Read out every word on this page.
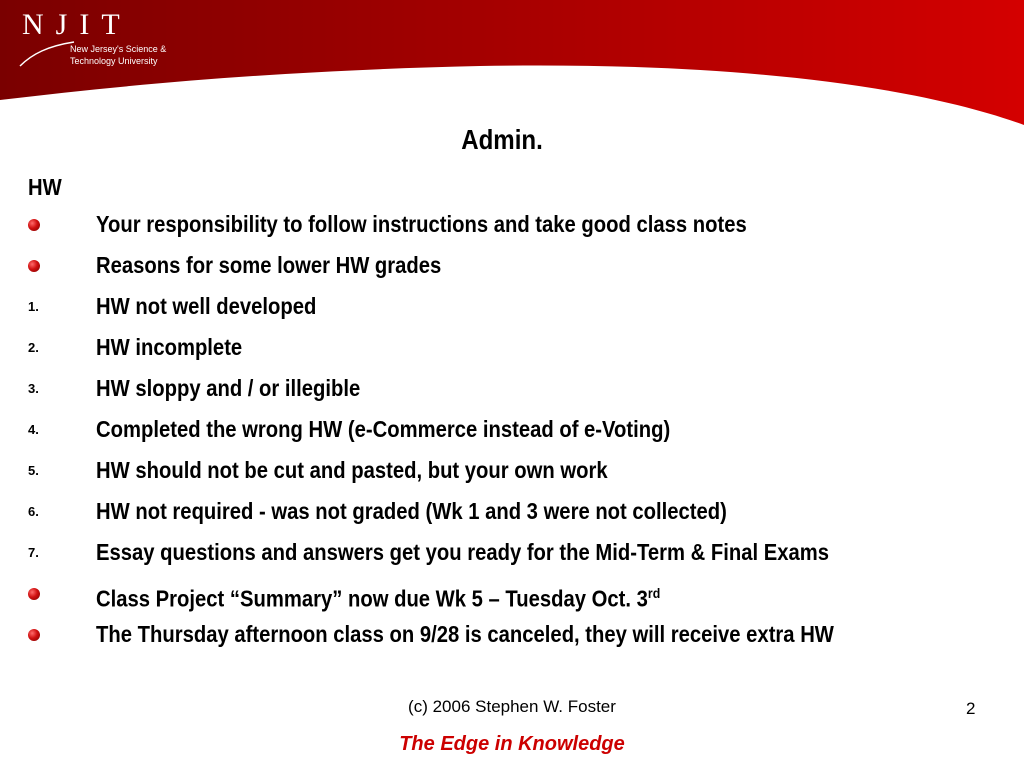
NJIT
New Jersey's Science &
Technology University
Admin.
HW
Your responsibility to follow instructions and take good class notes
Reasons for some lower HW grades
1. HW not well developed
2. HW incomplete
3. HW sloppy and / or illegible
4. Completed the wrong HW (e-Commerce instead of e-Voting)
5. HW should not be cut and pasted, but your own work
6. HW not required - was not graded (Wk 1 and 3 were not collected)
7. Essay questions and answers get you ready for the Mid-Term & Final Exams
Class Project “Summary” now due Wk 5 – Tuesday Oct. 3rd
The Thursday afternoon class on 9/28 is canceled, they will receive extra HW
(c) 2006 Stephen W. Foster	2
The Edge in Knowledge
